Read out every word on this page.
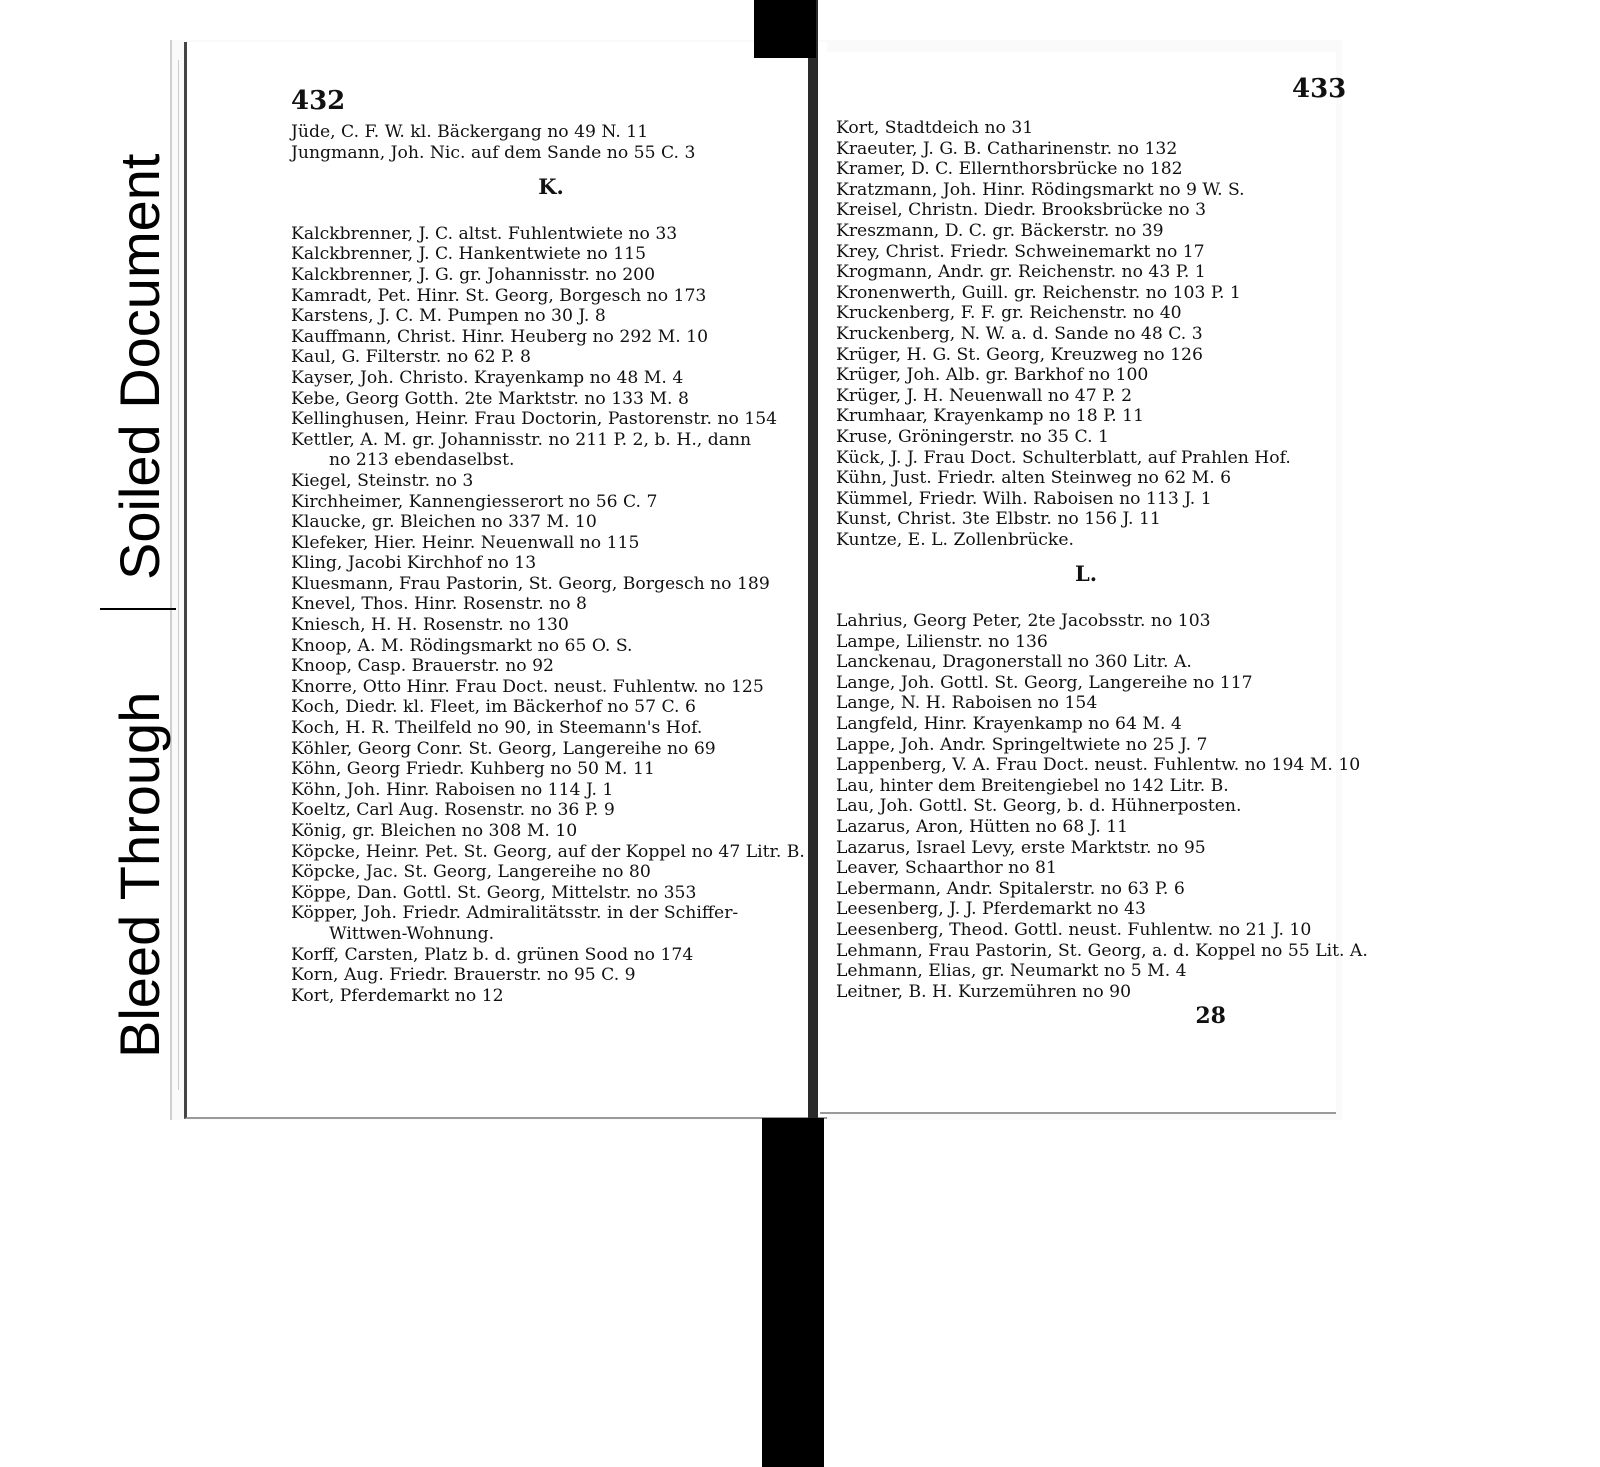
Bleed Through
Soiled Document
432
Jüde, C. F. W. kl. Bäckergang no 49 N. 11
Jungmann, Joh. Nic. auf dem Sande no 55 C. 3
K.
Kalckbrenner, J. C. altst. Fuhlentwiete no 33
Kalckbrenner, J. C. Hankentwiete no 115
Kalckbrenner, J. G. gr. Johannisstr. no 200
Kamradt, Pet. Hinr. St. Georg, Borgesch no 173
Karstens, J. C. M. Pumpen no 30 J. 8
Kauffmann, Christ. Hinr. Heuberg no 292 M. 10
Kaul, G. Filterstr. no 62 P. 8
Kayser, Joh. Christo. Krayenkamp no 48 M. 4
Kebe, Georg Gotth. 2te Marktstr. no 133 M. 8
Kellinghusen, Heinr. Frau Doctorin, Pastorenstr. no 154
Kettler, A. M. gr. Johannisstr. no 211 P. 2, b. H., dann
no 213 ebendaselbst.
Kiegel, Steinstr. no 3
Kirchheimer, Kannengiesserort no 56 C. 7
Klaucke, gr. Bleichen no 337 M. 10
Klefeker, Hier. Heinr. Neuenwall no 115
Kling, Jacobi Kirchhof no 13
Kluesmann, Frau Pastorin, St. Georg, Borgesch no 189
Knevel, Thos. Hinr. Rosenstr. no 8
Kniesch, H. H. Rosenstr. no 130
Knoop, A. M. Rödingsmarkt no 65 O. S.
Knoop, Casp. Brauerstr. no 92
Knorre, Otto Hinr. Frau Doct. neust. Fuhlentw. no 125
Koch, Diedr. kl. Fleet, im Bäckerhof no 57 C. 6
Koch, H. R. Theilfeld no 90, in Steemann's Hof.
Köhler, Georg Conr. St. Georg, Langereihe no 69
Köhn, Georg Friedr. Kuhberg no 50 M. 11
Köhn, Joh. Hinr. Raboisen no 114 J. 1
Koeltz, Carl Aug. Rosenstr. no 36 P. 9
König, gr. Bleichen no 308 M. 10
Köpcke, Heinr. Pet. St. Georg, auf der Koppel no 47 Litr. B.
Köpcke, Jac. St. Georg, Langereihe no 80
Köppe, Dan. Gottl. St. Georg, Mittelstr. no 353
Köpper, Joh. Friedr. Admiralitätsstr. in der Schiffer-
Wittwen-Wohnung.
Korff, Carsten, Platz b. d. grünen Sood no 174
Korn, Aug. Friedr. Brauerstr. no 95 C. 9
Kort, Pferdemarkt no 12
433
Kort, Stadtdeich no 31
Kraeuter, J. G. B. Catharinenstr. no 132
Kramer, D. C. Ellernthorsbrücke no 182
Kratzmann, Joh. Hinr. Rödingsmarkt no 9 W. S.
Kreisel, Christn. Diedr. Brooksbrücke no 3
Kreszmann, D. C. gr. Bäckerstr. no 39
Krey, Christ. Friedr. Schweinemarkt no 17
Krogmann, Andr. gr. Reichenstr. no 43 P. 1
Kronenwerth, Guill. gr. Reichenstr. no 103 P. 1
Kruckenberg, F. F. gr. Reichenstr. no 40
Kruckenberg, N. W. a. d. Sande no 48 C. 3
Krüger, H. G. St. Georg, Kreuzweg no 126
Krüger, Joh. Alb. gr. Barkhof no 100
Krüger, J. H. Neuenwall no 47 P. 2
Krumhaar, Krayenkamp no 18 P. 11
Kruse, Gröningerstr. no 35 C. 1
Kück, J. J. Frau Doct. Schulterblatt, auf Prahlen Hof.
Kühn, Just. Friedr. alten Steinweg no 62 M. 6
Kümmel, Friedr. Wilh. Raboisen no 113 J. 1
Kunst, Christ. 3te Elbstr. no 156 J. 11
Kuntze, E. L. Zollenbrücke.
L.
Lahrius, Georg Peter, 2te Jacobsstr. no 103
Lampe, Lilienstr. no 136
Lanckenau, Dragonerstall no 360 Litr. A.
Lange, Joh. Gottl. St. Georg, Langereihe no 117
Lange, N. H. Raboisen no 154
Langfeld, Hinr. Krayenkamp no 64 M. 4
Lappe, Joh. Andr. Springeltwiete no 25 J. 7
Lappenberg, V. A. Frau Doct. neust. Fuhlentw. no 194 M. 10
Lau, hinter dem Breitengiebel no 142 Litr. B.
Lau, Joh. Gottl. St. Georg, b. d. Hühnerposten.
Lazarus, Aron, Hütten no 68 J. 11
Lazarus, Israel Levy, erste Marktstr. no 95
Leaver, Schaarthor no 81
Lebermann, Andr. Spitalerstr. no 63 P. 6
Leesenberg, J. J. Pferdemarkt no 43
Leesenberg, Theod. Gottl. neust. Fuhlentw. no 21 J. 10
Lehmann, Frau Pastorin, St. Georg, a. d. Koppel no 55 Lit. A.
Lehmann, Elias, gr. Neumarkt no 5 M. 4
Leitner, B. H. Kurzemühren no 90
28
